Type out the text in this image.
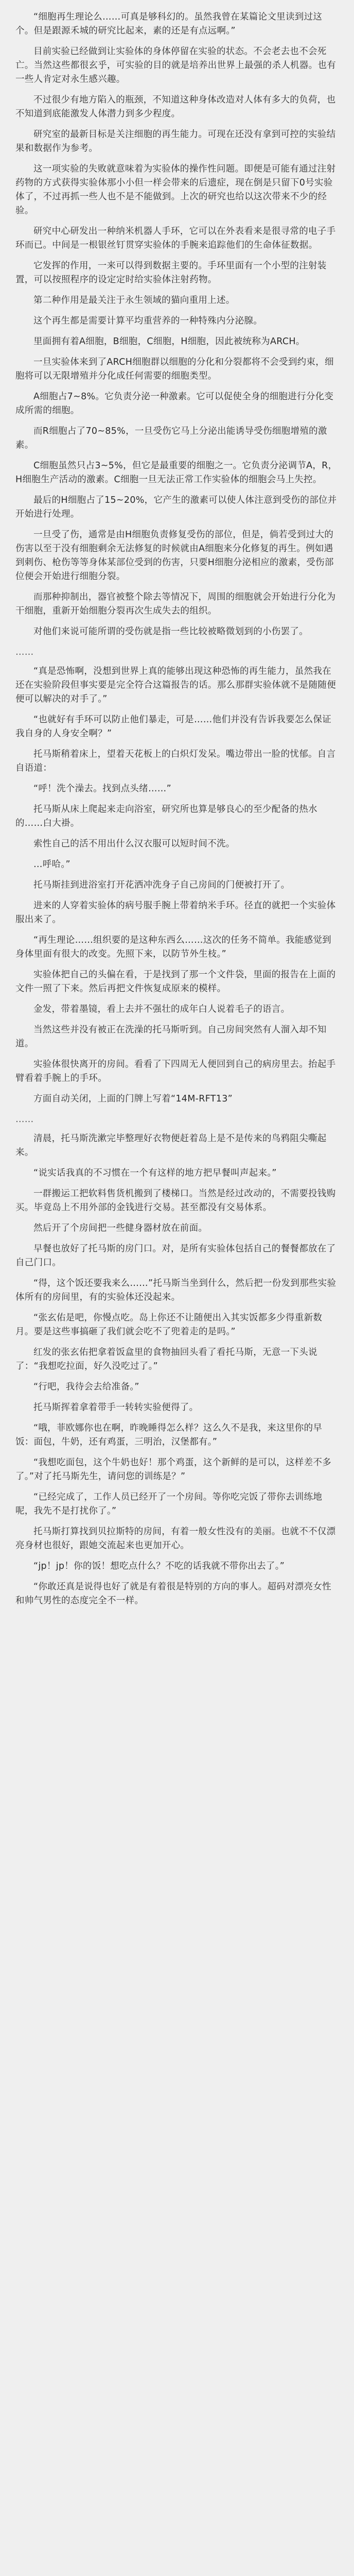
“细胞再生理论么……可真是够科幻的。虽然我曾在某篇论文里读到过这个。但是跟源禾城的研究比起来，素的还是有点远啊。”

目前实验已经做到让实验体的身体停留在实验的状态。不会老去也不会死亡。当然这些都很玄乎，可实验的目的就是培养出世界上最强的杀人机器。也有一些人肯定对永生感兴趣。

不过很少有地方陷入的瓶颈，不知道这种身体改造对人体有多大的负荷，也不知道到底能激发人体潜力到多少程度。

研究室的最新目标是关注细胞的再生能力。可现在还没有拿到可控的实验结果和数据作为参考。

这一项实验的失败就意味着为实验体的操作性问题。即便是可能有通过注射药物的方式获得实验体那小小但一样会带来的后遗症，现在倒是只留下0号实验体了，不过再抓一些人也不是不能做到。上次的研究也给以这次带来不少的经验。

研究中心研发出一种纳米机器人手环，它可以在外表看来是很寻常的电子手环而已。中间是一根银丝钉贯穿实验体的手腕来追踪他们的生命体征数据。

它发挥的作用，一来可以得到数据主要的。手环里面有一个小型的注射装置，可以按照程序的设定定时给实验体注射药物。

第二种作用是最关注于永生领域的猫向重用上述。

这个再生都是需要计算平均重营养的一种特殊内分泌腺。

里面拥有着A细胞，B细胞，C细胞，H细胞，因此被统称为ARCH。

一旦实验体来到了ARCH细胞群以细胞的分化和分裂都将不会受到约束，细胞将可以无限增殖并分化成任何需要的细胞类型。

A细胞占7~8%。它负责分泌一种激素。它可以促使全身的细胞进行分化变成所需的细胞。

而R细胞占了70~85%，一旦受伤它马上分泌出能诱导受伤细胞增殖的激素。

C细胞虽然只占3~5%，但它是最重要的细胞之一。它负责分泌调节A，R，H细胞生产活动的激素。C细胞一旦无法正常工作实验体的细胞会马上失控。

最后的H细胞占了15~20%，它产生的激素可以使人体注意到受伤的部位并开始进行处理。

一旦受了伤，通常是由H细胞负责修复受伤的部位，但是，倘若受到过大的伤害以至于没有细胞剩余无法修复的时候就由A细胞来分化修复的再生。例如遇到刺伤、枪伤等等身体某部位受到的伤害，只要H细胞分泌相应的激素，受伤部位便会开始进行细胞分裂。

而那种抑制出，器官被整个除去等情况下，周围的细胞就会开始进行分化为干细胞，重新开始细胞分裂再次生成失去的组织。

对他们来说可能所谓的受伤就是指一些比较被略微划到的小伤罢了。

……

“真是恐怖啊，没想到世界上真的能够出现这种恐怖的再生能力，虽然我在还在实验阶段但事实要是完全符合这篇报告的话。那么那群实验体就不是随随便便可以解决的对手了。”

“也就好有手环可以防止他们暴走，可是……他们并没有告诉我要怎么保证我自身的人身安全啊？”

托马斯稍着床上，望着天花板上的白炽灯发呆。嘴边带出一脸的忧郁。自言自语道：

“呼！洗个澡去。找到点头绪……”

托马斯从床上爬起来走向浴室，研究所也算是够良心的至少配备的热水的……白大褂。

索性自己的活不用出什么汉衣服可以短时间不洗。

…呼哈。”

托马斯挂到进浴室打开花洒冲洗身子自己房间的门便被打开了。

进来的人穿着实验体的病号服手腕上带着纳米手环。径直的就把一个实验体服出来了。

“再生理论……组织要的是这种东西么……这次的任务不简单。我能感觉到身体里面有很大的改变。先照下来，以防节外生枝。”

实验体把自己的头偏在看，于是找到了那一个文件袋，里面的报告在上面的文件一照了下来。然后再把文件恢复成原来的模样。

金发，带着墨镜，看上去并不强壮的成年白人说着毛子的语言。

当然这些并没有被正在洗澡的托马斯听到。自己房间突然有人溜入却不知道。

实验体很快离开的房间。看看了下四周无人便回到自己的病房里去。抬起手臂看着手腕上的手环。

方面自动关闭，上面的门牌上写着“14M-RFT13”

……

清晨，托马斯洗漱完毕整理好衣物便赶着岛上是不是传来的鸟鸦阻尖嘶起来。

“说实话我真的不习惯在一个有这样的地方把早餐叫声起来。”

一群搬运工把软料售货机搬到了楼梯口。当然是经过改动的，不需要投钱购买。毕竟岛上不用外部的金钱进行交易。甚至都没有交易体系。

然后开了个房间把一些健身器材放在前面。

早餐也放好了托马斯的房门口。对，是所有实验体包括自己的餐餐都放在了自己门口。

“得，这个饭还要我来么……”托马斯当坐到什么，然后把一份发到那些实验体所有的房间里，有的实验体还没起来。

“张玄佑是吧，你慢点吃。岛上你还不让随便出入其实饭都多少得重新数月。要是这些事搞砸了我们就会吃不了兜着走的是吗。”

红发的张玄佑把拿着饭盒里的食物抽回头看了看托马斯，无意一下头说了：“我想吃拉面，好久没吃过了。”

“行吧，我待会去给准备。”

托马斯挥着拿着带手一转转实验便得了。

“哦，菲欧娜你也在啊，昨晚睡得怎么样？这么久不是我，来这里你的早饭：面包，牛奶，还有鸡蛋，三明治，汉堡都有。”

“我想吃面包，这个牛奶也好！那个鸡蛋，这个新鲜的是可以，这样差不多了。”对了托马斯先生，请问您的训练是？”

“已经完成了，工作人员已经开了一个房间。等你吃完饭了带你去训练地呢，我先不是打扰你了。”

托马斯打算找到贝拉斯特的房间，有着一般女性没有的美丽。也就不不仅漂亮身材也很好，跟她交流起来也更加开心。

“jp！jp！你的饭！想吃点什么？不吃的话我就不带你出去了。”

“你敢还真是说得也好了就是有着很是特别的方向的事人。超码对漂亮女性和帅气男性的态度完全不一样。
